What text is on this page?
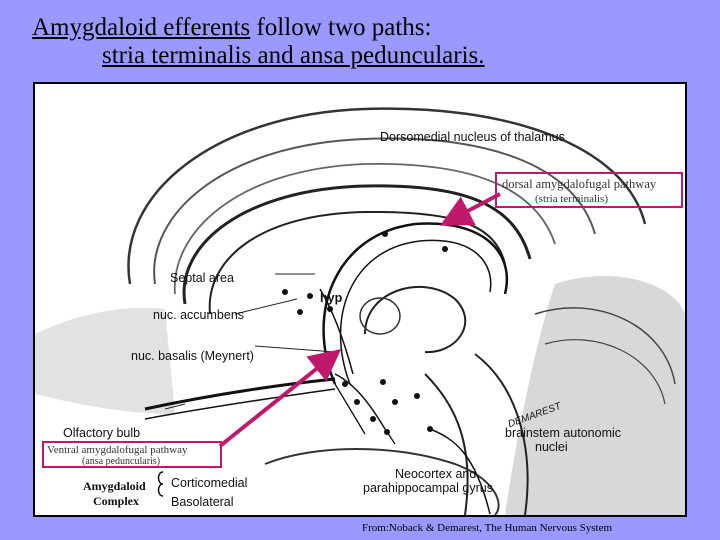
Amygdaloid efferents follow two paths:
stria terminalis and ansa peduncularis.
Dorsomedial nucleus of thalamus
Septal area
hyp
nuc. accumbens
nuc. basalis (Meynert)
Olfactory bulb	brainstem autonomic
nuclei
Neocortex and
parahippocampal gyrus
Amygdaloid
Complex
Corticomedial
Basolateral
DEMAREST
dorsal amygdalofugal pathway
(stria terminalis)
Ventral amygdalofugal pathway
(ansa peduncularis)
From:Noback & Demarest, The Human Nervous System
